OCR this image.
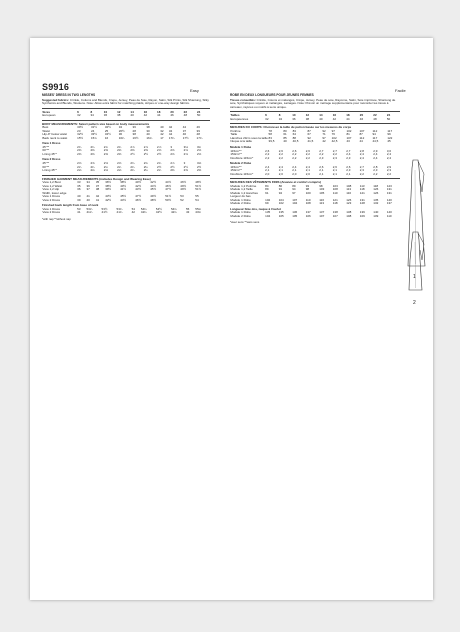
S9916	Easy	Facile
MISSES' DRESS IN TWO LENGTHS
Suggested fabrics: Crinkle, Cottons and Blends, Crepe, Jersey, Peau de Soie, Rayon, Satin, Silk Prints, Silk Shantung, Silky Synthetics and Blends, Woolens. Note: Allow extra fabric for matching plaids, stripes or one-way design fabrics.
Sizes	6	8	10	12	14	16	18	20	22	24
European	32	34	36	38	40	42	44	46	48	50
BODY MEASUREMENTS: Select pattern size based on body measurements
Bust	30½	31½	32½	34	36	38	40	42	44	46
Waist	23	24	25	26½	28	30	32	34	37	39
Hip-9" below waist	32½	33½	34½	36	38	40	42	44	46	48
Back neck to waist	15½	15¾	16	16¼	16½	16¾	17	17¼	17½	17¾
View 1 Dress
45"**	2¾	2¾	2¾	2¾	2⅞	2⅞	2⅞	3	3⅛	3¼
60"**	2⅜	2⅜	2⅜	2⅜	2⅜	2⅜	2⅝	2⅝	2⅝	2⅝
Lining 45"*	2⅜	2⅜	2⅜	2⅜	2½	2½	2½	2⅝	2⅝	2⅝
View 2 Dress
45"**	2⅝	2⅝	2⅝	2⅝	2¾	2¾	2¾	2⅞	3	3⅛
60"**	2¼	2¼	2¼	2¼	2¼	2¼	2½	2½	2½	2½
Lining 45"*	2⅛	2⅛	2⅛	2⅛	2¼	2¼	2¼	2⅜	2⅜	2⅜
FINISHED GARMENT MEASUREMENTS (includes Design and Wearing Ease)
View 1,2 Bust	33	34	35	36½	38½	40½	42½	44½	46½	48½
View 1,2 Waist	35	36	37	38½	40½	42½	44½	46½	49½	51½
View 1,2 Hip	36	37	38	39½	41½	43½	45½	47½	49½	51½
Width, lower edge										
View 1 Dress	40	41	42	43½	45½	47½	49½	51½	53	55
View 2 Dress	39	40	41	42½	44½	46½	48½	50½	52	54
Finished back length from base of neck
View 1 Dress	53	53¼	53½	53¾	54	54¼	54½	54¾	55	55¼
View 2 Dress	41	41¼	41½	41¾	42	42¼	42½	42¾	43	43¼
*with nap **without nap
ROBE EN DEUX LONGUEURS POUR JEUNES FEMMES
Tissus conseillés: Crinkle, Cotons et mélangés, Crêpe, Jersey, Peau de soie, Rayonne, Satin, Soie imprimée, Shantung de soie, Synthétiques soyeux et mélangés, Lainages. Note: Prévoir un métrage supplémentaire pour raccorder les tissus à carreaux, rayures ou motifs à sens unique.
Tailles	6	8	10	12	14	16	18	20	22	24
Européennes	32	34	36	38	40	42	44	46	48	50
MESURES DU CORPS: Choisissez la taille du patron basée sur les mesures du corps
Poitrine	78	80	83	87	92	97	102	107	112	117
Taille	58	61	64	67	71	76	81	87	94	99
Hanches 23cm sous la taille	83	85	88	92	97	102	107	112	117	122
Nuque à la taille	39,5	40	40,5	41,5	42	42,5	43	44	44,5	45
Modèle 1 Robe
115cm**	2,6	2,6	2,6	2,6	2,7	2,7	2,7	2,8	2,9	3,0
150cm**	2,2	2,2	2,2	2,2	2,2	2,2	2,4	2,4	2,4	2,4
Doublure 115cm*	2,2	2,2	2,2	2,2	2,3	2,3	2,3	2,4	2,4	2,4
Modèle 2 Robe
115cm**	2,4	2,4	2,4	2,4	2,6	2,6	2,6	2,7	2,8	2,9
150cm**	2,1	2,1	2,1	2,1	2,1	2,1	2,3	2,3	2,3	2,3
Doublure 115cm*	2,0	2,0	2,0	2,0	2,1	2,1	2,1	2,2	2,2	2,2
MESURES DES VÊTEMENTS FINIS (Aisance et confort compris)
Modèle 1,2 Poitrine	84	86	89	93	98	103	108	113	118	123
Modèle 1,2 Taille	89	91	94	98	103	108	113	118	126	131
Modèle 1,2 Hanches	91	94	97	100	105	110	116	121	126	131
Largeur du bas										
Modèle 1 Robe	102	104	107	110	116	121	126	131	135	140
Modèle 2 Robe	99	102	104	108	113	118	123	128	132	137
Longueur finie dos, nuque à l'ourlet
Modèle 1 Robe	135	135	136	137	137	138	138	139	140	140
Modèle 2 Robe	104	105	105	106	107	107	108	109	109	110
*avec sens **sans sens
1
2
